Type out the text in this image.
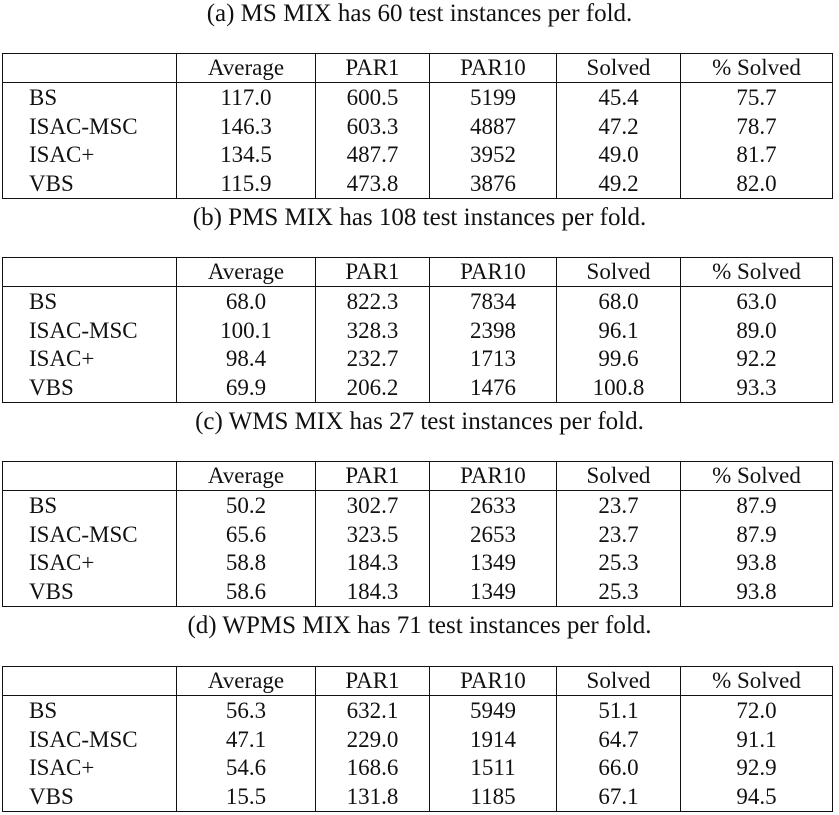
(a) MS MIX has 60 test instances per fold.
	Average	PAR1	PAR10	Solved	% Solved
BS	117.0	600.5	5199	45.4	75.7
ISAC-MSC	146.3	603.3	4887	47.2	78.7
ISAC+	134.5	487.7	3952	49.0	81.7
VBS	115.9	473.8	3876	49.2	82.0
(b) PMS MIX has 108 test instances per fold.
	Average	PAR1	PAR10	Solved	% Solved
BS	68.0	822.3	7834	68.0	63.0
ISAC-MSC	100.1	328.3	2398	96.1	89.0
ISAC+	98.4	232.7	1713	99.6	92.2
VBS	69.9	206.2	1476	100.8	93.3
(c) WMS MIX has 27 test instances per fold.
	Average	PAR1	PAR10	Solved	% Solved
BS	50.2	302.7	2633	23.7	87.9
ISAC-MSC	65.6	323.5	2653	23.7	87.9
ISAC+	58.8	184.3	1349	25.3	93.8
VBS	58.6	184.3	1349	25.3	93.8
(d) WPMS MIX has 71 test instances per fold.
	Average	PAR1	PAR10	Solved	% Solved
BS	56.3	632.1	5949	51.1	72.0
ISAC-MSC	47.1	229.0	1914	64.7	91.1
ISAC+	54.6	168.6	1511	66.0	92.9
VBS	15.5	131.8	1185	67.1	94.5
